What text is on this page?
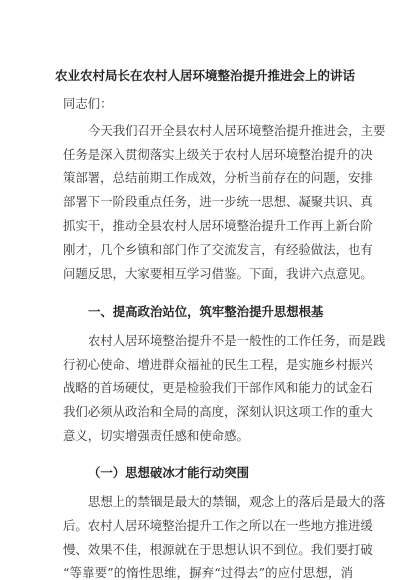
农业农村局长在农村人居环境整治提升推进会上的讲话
同志们：
今天我们召开全县农村人居环境整治提升推进会，主要
任务是深入贯彻落实上级关于农村人居环境整治提升的决
策部署，总结前期工作成效，分析当前存在的问题，安排
部署下一阶段重点任务，进一步统一思想、凝聚共识、真
抓实干，推动全县农村人居环境整治提升工作再上新台阶
刚才，几个乡镇和部门作了交流发言，有经验做法，也有
问题反思，大家要相互学习借鉴。下面，我讲六点意见。
一、提高政治站位，筑牢整治提升思想根基
农村人居环境整治提升不是一般性的工作任务，而是践
行初心使命、增进群众福祉的民生工程，是实施乡村振兴
战略的首场硬仗，更是检验我们干部作风和能力的试金石
我们必须从政治和全局的高度，深刻认识这项工作的重大
意义，切实增强责任感和使命感。
（一）思想破冰才能行动突围
思想上的禁锢是最大的禁锢，观念上的落后是最大的落
后。农村人居环境整治提升工作之所以在一些地方推进缓
慢、效果不佳，根源就在于思想认识不到位。我们要打破
“等靠要”的惰性思维，摒弃“过得去”的应付思想，消
